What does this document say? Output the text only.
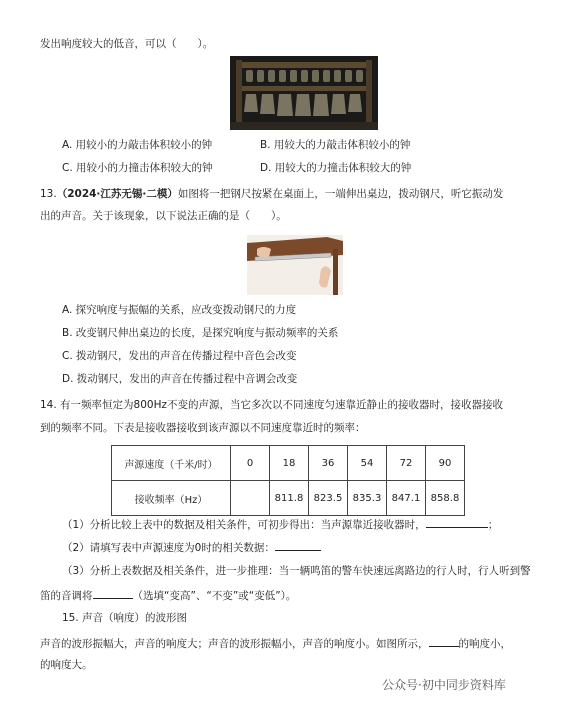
发出响度较大的低音，可以（　　）。
A. 用较小的力敲击体积较小的钟	B. 用较大的力敲击体积较小的钟
C. 用较小的力撞击体积较大的钟	D. 用较大的力撞击体积较大的钟
13.（2024·江苏无锡·二模）如图将一把钢尺按紧在桌面上，一端伸出桌边，拨动钢尺，听它振动发
出的声音。关于该现象，以下说法正确的是（　　）。
A. 探究响度与振幅的关系，应改变拨动钢尺的力度
B. 改变钢尺伸出桌边的长度，是探究响度与振动频率的关系
C. 拨动钢尺，发出的声音在传播过程中音色会改变
D. 拨动钢尺，发出的声音在传播过程中音调会改变
14. 有一频率恒定为800Hz不变的声源，当它多次以不同速度匀速靠近静止的接收器时，接收器接收
到的频率不同。下表是接收器接收到该声源以不同速度靠近时的频率：
声源速度（千米/时）	0	18	36	54	72	90
接收频率（Hz）		811.8	823.5	835.3	847.1	858.8
（1）分析比较上表中的数据及相关条件，可初步得出：当声源靠近接收器时，	；
（2）请填写表中声源速度为0时的相关数据：
（3）分析上表数据及相关条件，进一步推理：当一辆鸣笛的警车快速远离路边的行人时，行人听到警
笛的音调将	（选填“变高”、“不变”或“变低”）。
15. 声音（响度）的波形图
声音的波形振幅大，声音的响度大；声音的波形振幅小，声音的响度小。如图所示，	的响度小，
的响度大。
公众号·初中同步资料库
